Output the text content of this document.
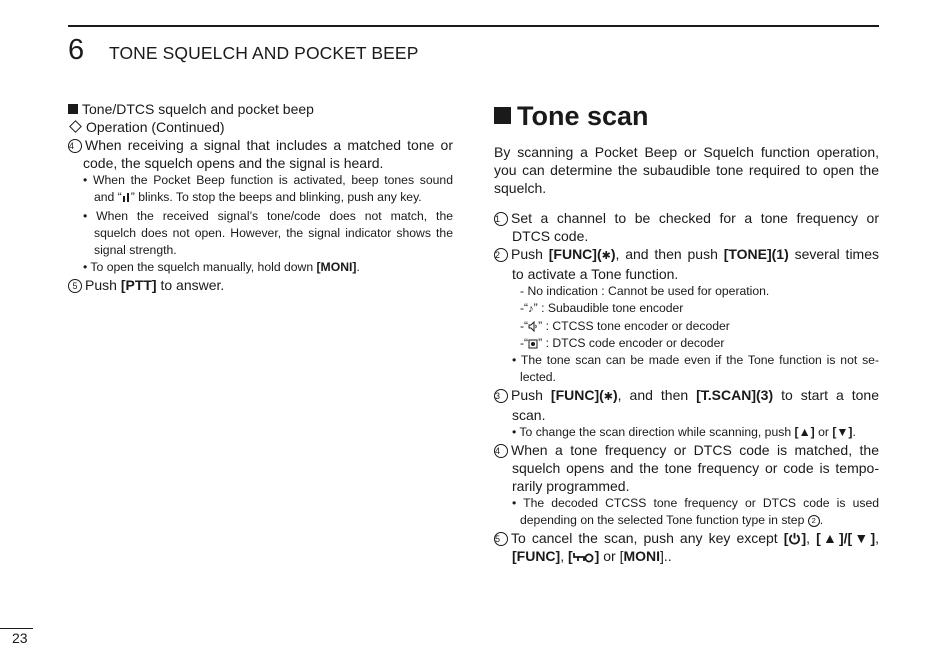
6 TONE SQUELCH AND POCKET BEEP
Tone/DTCS squelch and pocket beep
Operation (Continued)
4 When receiving a signal that includes a matched tone or
code, the squelch opens and the signal is heard.
• When the Pocket Beep function is activated, beep tones sound
and “ ” blinks. To stop the beeps and blinking, push any key.
• When the received signal’s tone/code does not match, the
squelch does not open. However, the signal indicator shows the
signal strength.
• To open the squelch manually, hold down [MONI].
5 Push [PTT] to answer.
Tone scan
By scanning a Pocket Beep or Squelch function operation,
you can determine the subaudible tone required to open the
squelch.
1 Set a channel to be checked for a tone frequency or
DTCS code.
2 Push [FUNC](✱), and then push [TONE](1) several times
to activate a Tone function.
- No indication : Cannot be used for operation.
-“♪” : Subaudible tone encoder
-“ ” : CTCSS tone encoder or decoder
-“ ” : DTCS code encoder or decoder
• The tone scan can be made even if the Tone function is not se-
lected.
3 Push [FUNC](✱), and then [T.SCAN](3) to start a tone
scan.
• To change the scan direction while scanning, push [▲] or [▼].
4 When a tone frequency or DTCS code is matched, the
squelch opens and the tone frequency or code is tempo-
rarily programmed.
• The decoded CTCSS tone frequency or DTCS code is used
depending on the selected Tone function type in step 2 .
5 To cancel the scan, push any key except [ ], [▲]/[▼],
[FUNC], [ ] or [MONI]..
23
